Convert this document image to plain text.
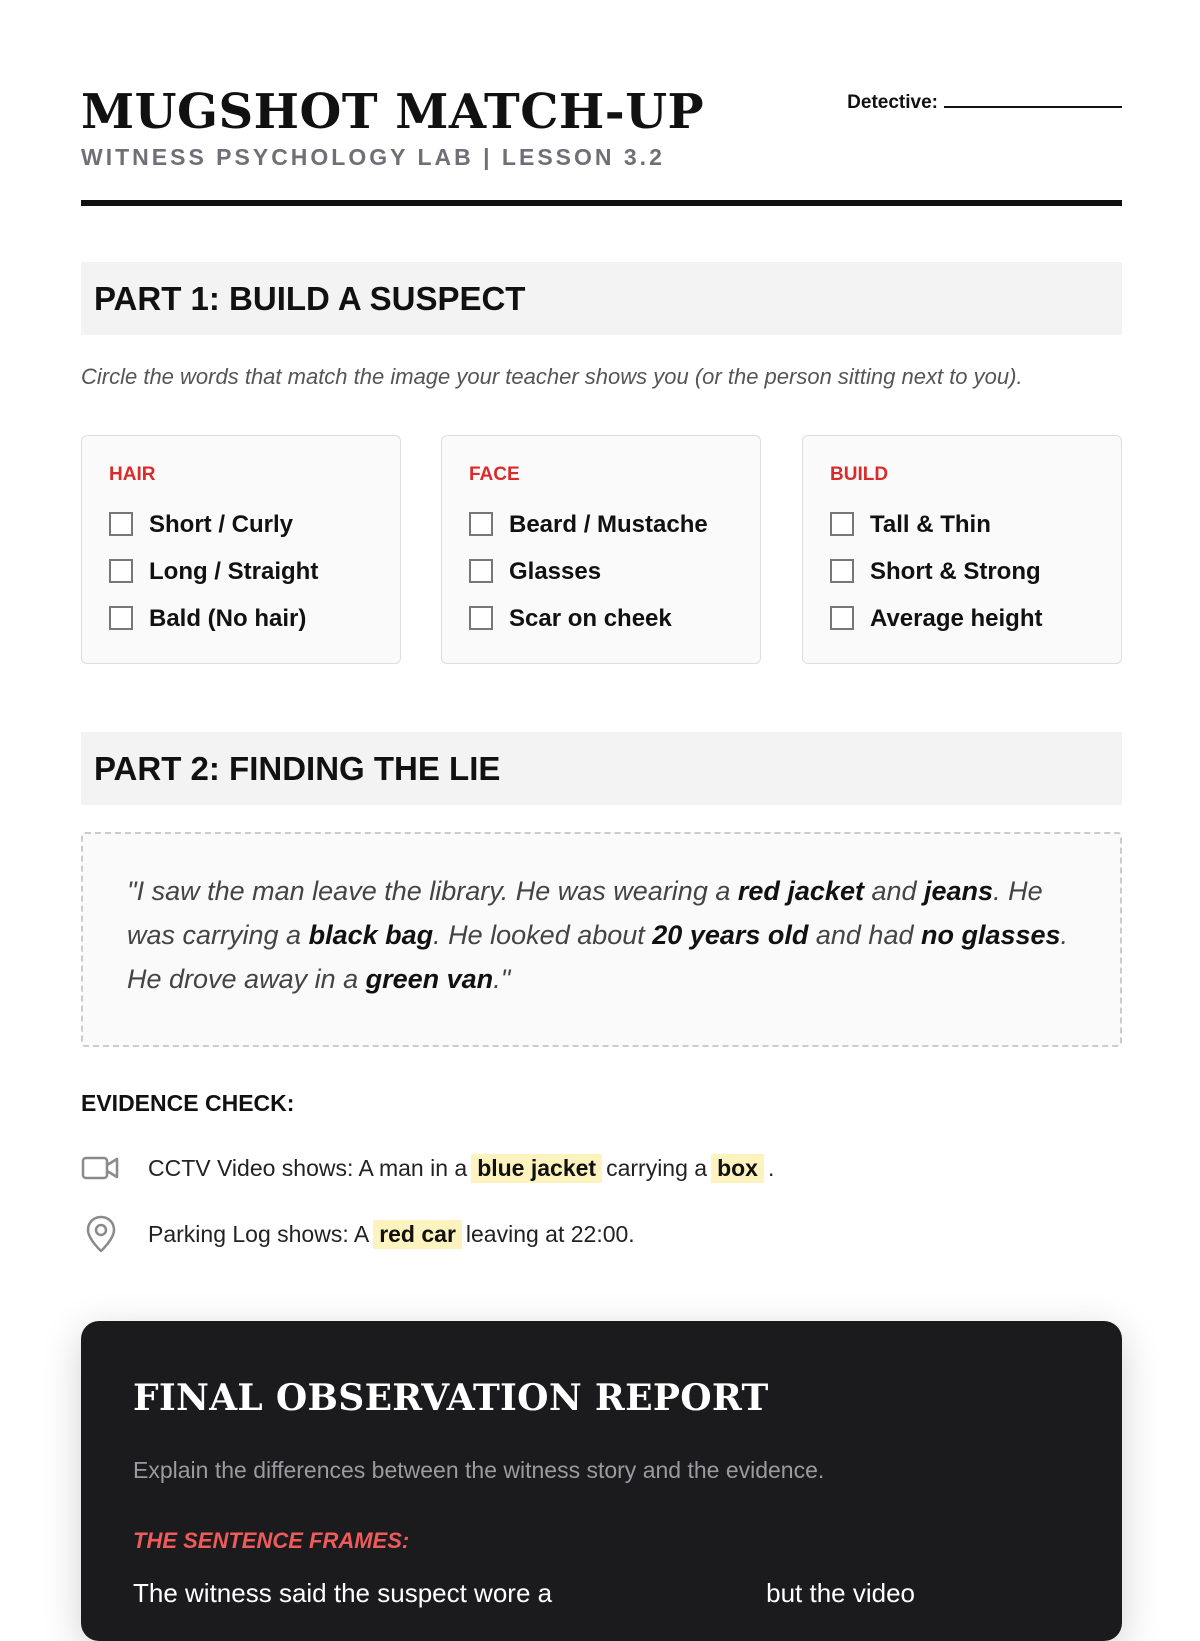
MUGSHOT MATCH-UP
WITNESS PSYCHOLOGY LAB | LESSON 3.2
Detective:
PART 1: BUILD A SUSPECT

Circle the words that match the image your teacher shows you (or the person sitting next to you).

HAIR
Short / Curly
Long / Straight
Bald (No hair)
FACE
Beard / Mustache
Glasses
Scar on cheek
BUILD
Tall & Thin
Short & Strong
Average height
PART 2: FINDING THE LIE

"I saw the man leave the library. He was wearing a red jacket and jeans. He was carrying a black bag. He looked about 20 years old and had no glasses. He drove away in a green van."

EVIDENCE CHECK:
CCTV Video shows: A man in a blue jacket carrying a box .
Parking Log shows: A red car leaving at 22:00.
FINAL OBSERVATION REPORT

Explain the differences between the witness story and the evidence.

THE SENTENCE FRAMES:

The witness said the suspect wore a	but the video
